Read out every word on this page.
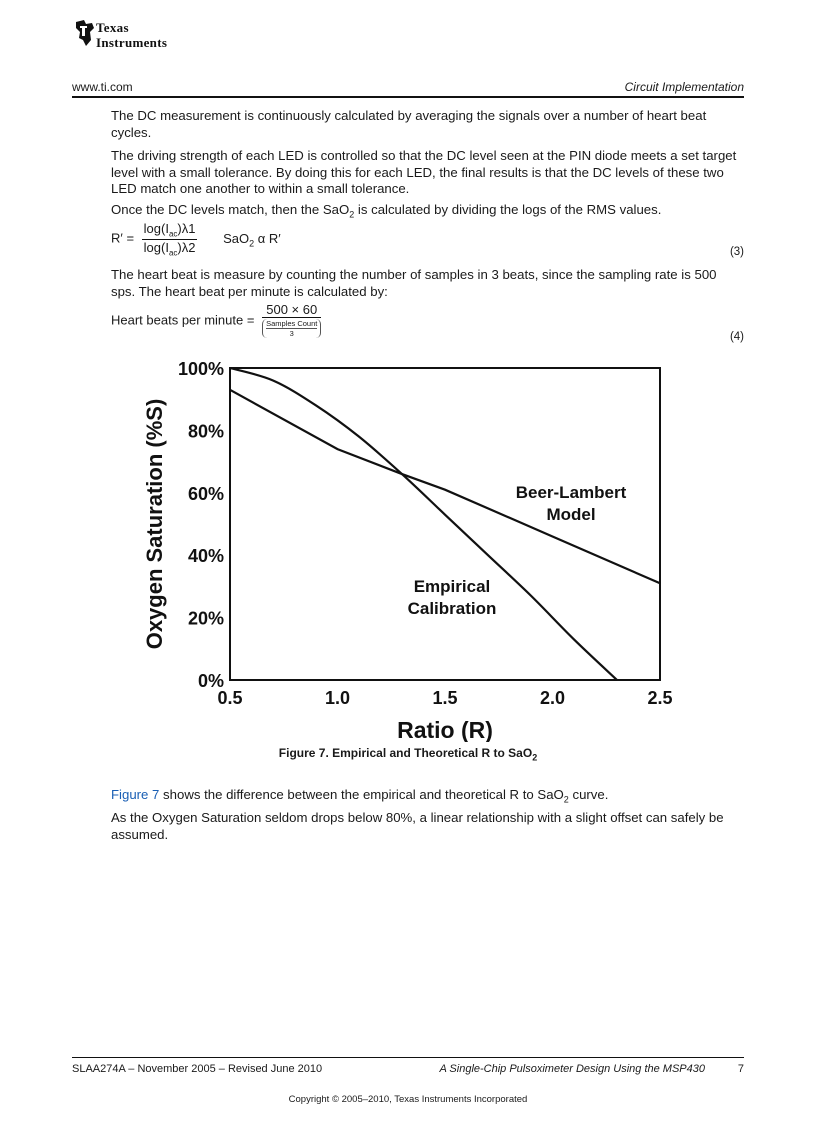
Texas
Instruments
www.ti.com	Circuit Implementation

The DC measurement is continuously calculated by averaging the signals over a number of heart beat cycles.

The driving strength of each LED is controlled so that the DC level seen at the PIN diode meets a set target level with a small tolerance. By doing this for each LED, the final results is that the DC levels of these two LED match one another to within a small tolerance.

Once the DC levels match, then the SaO$_2$ is calculated by dividing the logs of the RMS values.

$R' = \frac{\log(I_{ac})\lambda 1}{\log(I_{ac})\lambda 2} SaO_2$ α R′
(3)

The heart beat is measure by counting the number of samples in 3 beats, since the sampling rate is 500 sps. The heart beat per minute is calculated by:

Heart beats per minute = 500 × 60
Samples Count
3	(4)
0%
20%
40%
60%
80%
100%
0.5	1.0	1.5	2.0	2.5
Beer-Lambert
Model
Empirical
Calibration
Ratio (R)
Oxygen Saturation (%S)
Figure 7. Empirical and Theoretical R to SaO$_2$

Figure 7 shows the difference between the empirical and theoretical R to SaO$_2$ curve.

As the Oxygen Saturation seldom drops below 80%, a linear relationship with a slight offset can safely be assumed.

SLAA274A – November 2005 – Revised June 2010	A Single-Chip Pulsoximeter Design Using the MSP430	7
Copyright © 2005–2010, Texas Instruments Incorporated
